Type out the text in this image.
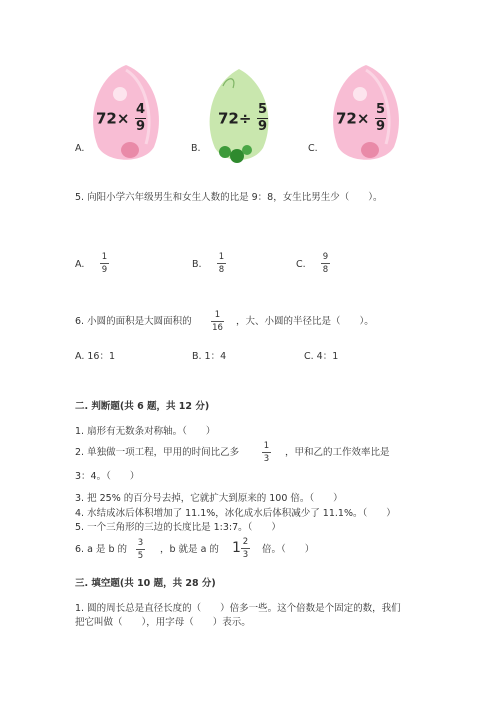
$72\times \frac{4}{9}$	$72\div \frac{5}{9}$	$72\times \frac{5}{9}$
A.	B.	C.
5. 向阳小学六年级男生和女生人数的比是 9：8，女生比男生少（　　）。
A.
1
9	B.
1
8	C.
9
8
6. 小圆的面积是大圆面积的
1
16
，大、小圆的半径比是（　　）。
A. 16：1	B. 1：4	C. 4：1
二. 判断题(共 6 题，共 12 分)
1. 扇形有无数条对称轴。（　　）
2. 单独做一项工程，甲用的时间比乙多
1
3
，甲和乙的工作效率比是
3：4。（　　）
3. 把 25% 的百分号去掉，它就扩大到原来的 100 倍。（　　）
4. 水结成冰后体积增加了 11.1%，冰化成水后体积减少了 11.1%。（　　）
5. 一个三角形的三边的长度比是 1:3:7。（　　）
6. a 是 b 的
3
5
，b 就是 a 的 $1 \frac{2}{3}$ 倍。（　　）
三. 填空题(共 10 题，共 28 分)
1. 圆的周长总是直径长度的（　　）倍多一些。这个倍数是个固定的数，我们
把它叫做（　　），用字母（　　）表示。
